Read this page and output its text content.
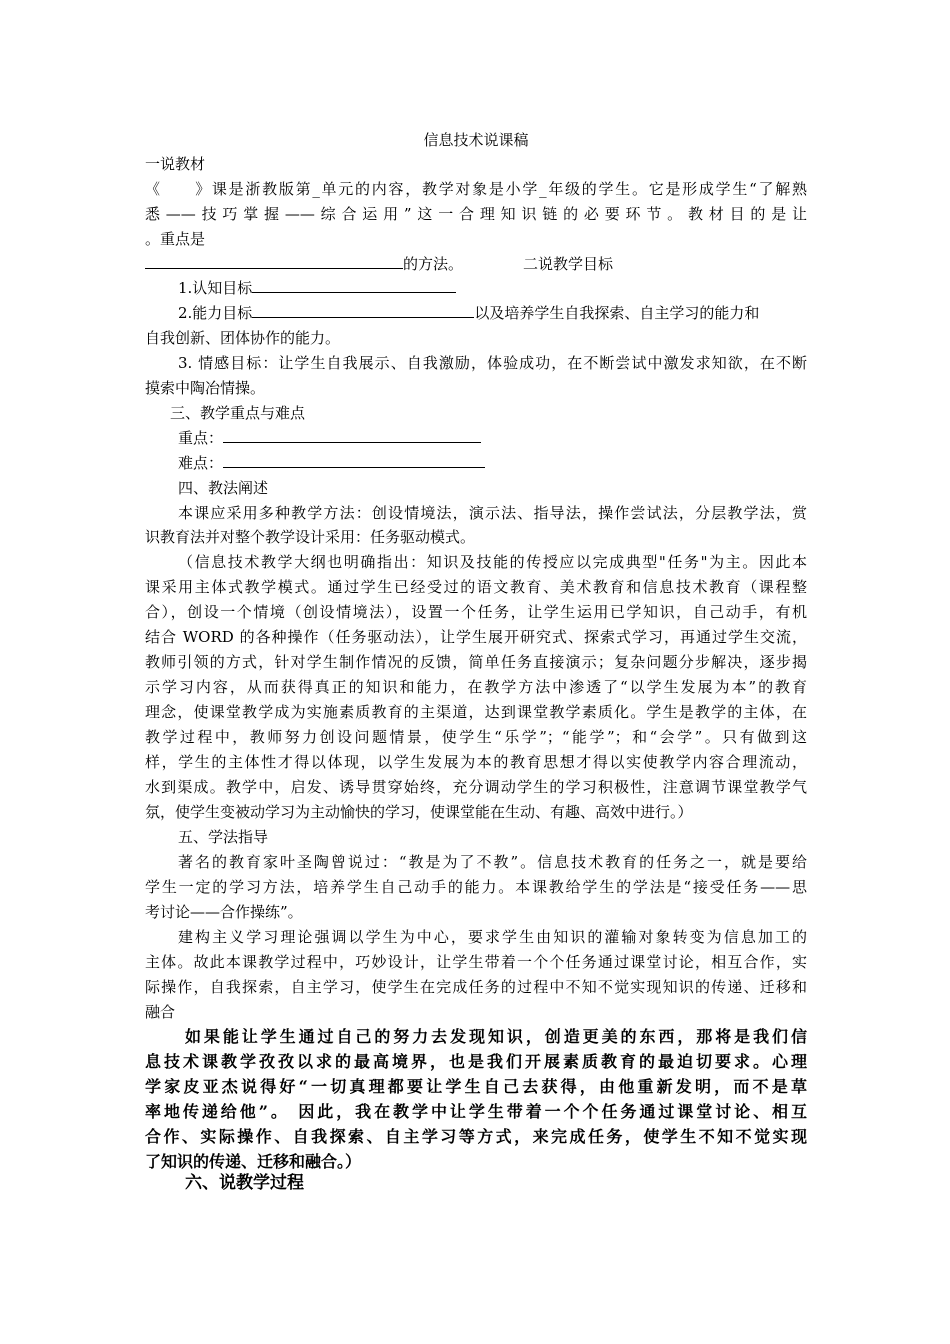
信息技术说课稿
一说教材
《　　》课是浙教版第_单元的内容，教学对象是小学_年级的学生。它是形成学生“了解熟
悉——技巧掌握——综合运用”这一合理知识链的必要环节。教材目的是让
。重点是
的方法。	二说教学目标
1.认知目标
2.能力目标	以及培养学生自我探索、自主学习的能力和
自我创新、团体协作的能力。
3. 情感目标：让学生自我展示、自我激励，体验成功，在不断尝试中激发求知欲，在不断
摸索中陶冶情操。
三、教学重点与难点
重点：
难点：
四、教法阐述
本课应采用多种教学方法：创设情境法，演示法、指导法，操作尝试法，分层教学法，赏
识教育法并对整个教学设计采用：任务驱动模式。
（信息技术教学大纲也明确指出：知识及技能的传授应以完成典型"任务"为主。因此本
课采用主体式教学模式。通过学生已经受过的语文教育、美术教育和信息技术教育（课程整
合），创设一个情境（创设情境法），设置一个任务，让学生运用已学知识，自己动手，有机
结合 WORD 的各种操作（任务驱动法），让学生展开研究式、探索式学习，再通过学生交流，
教师引领的方式，针对学生制作情况的反馈，简单任务直接演示；复杂问题分步解决，逐步揭
示学习内容，从而获得真正的知识和能力，在教学方法中渗透了“以学生发展为本”的教育
理念，使课堂教学成为实施素质教育的主渠道，达到课堂教学素质化。学生是教学的主体，在
教学过程中，教师努力创设问题情景，使学生“乐学”；“能学”；和“会学”。只有做到这
样，学生的主体性才得以体现，以学生发展为本的教育思想才得以实使教学内容合理流动，
水到渠成。教学中，启发、诱导贯穿始终，充分调动学生的学习积极性，注意调节课堂教学气
氛，使学生变被动学习为主动愉快的学习，使课堂能在生动、有趣、高效中进行。）
五、学法指导
著名的教育家叶圣陶曾说过：“教是为了不教”。信息技术教育的任务之一，就是要给
学生一定的学习方法，培养学生自己动手的能力。本课教给学生的学法是“接受任务——思
考讨论——合作操练”。
建构主义学习理论强调以学生为中心，要求学生由知识的灌输对象转变为信息加工的
主体。故此本课教学过程中，巧妙设计，让学生带着一个个任务通过课堂讨论，相互合作，实
际操作，自我探索，自主学习，使学生在完成任务的过程中不知不觉实现知识的传递、迁移和
融合
如果能让学生通过自己的努力去发现知识，创造更美的东西，那将是我们信
息技术课教学孜孜以求的最高境界，也是我们开展素质教育的最迫切要求。心理
学家皮亚杰说得好“一切真理都要让学生自己去获得，由他重新发明，而不是草
率地传递给他”。 因此，我在教学中让学生带着一个个任务通过课堂讨论、相互
合作、实际操作、自我探索、自主学习等方式，来完成任务，使学生不知不觉实现
了知识的传递、迁移和融合。）
六、说教学过程
